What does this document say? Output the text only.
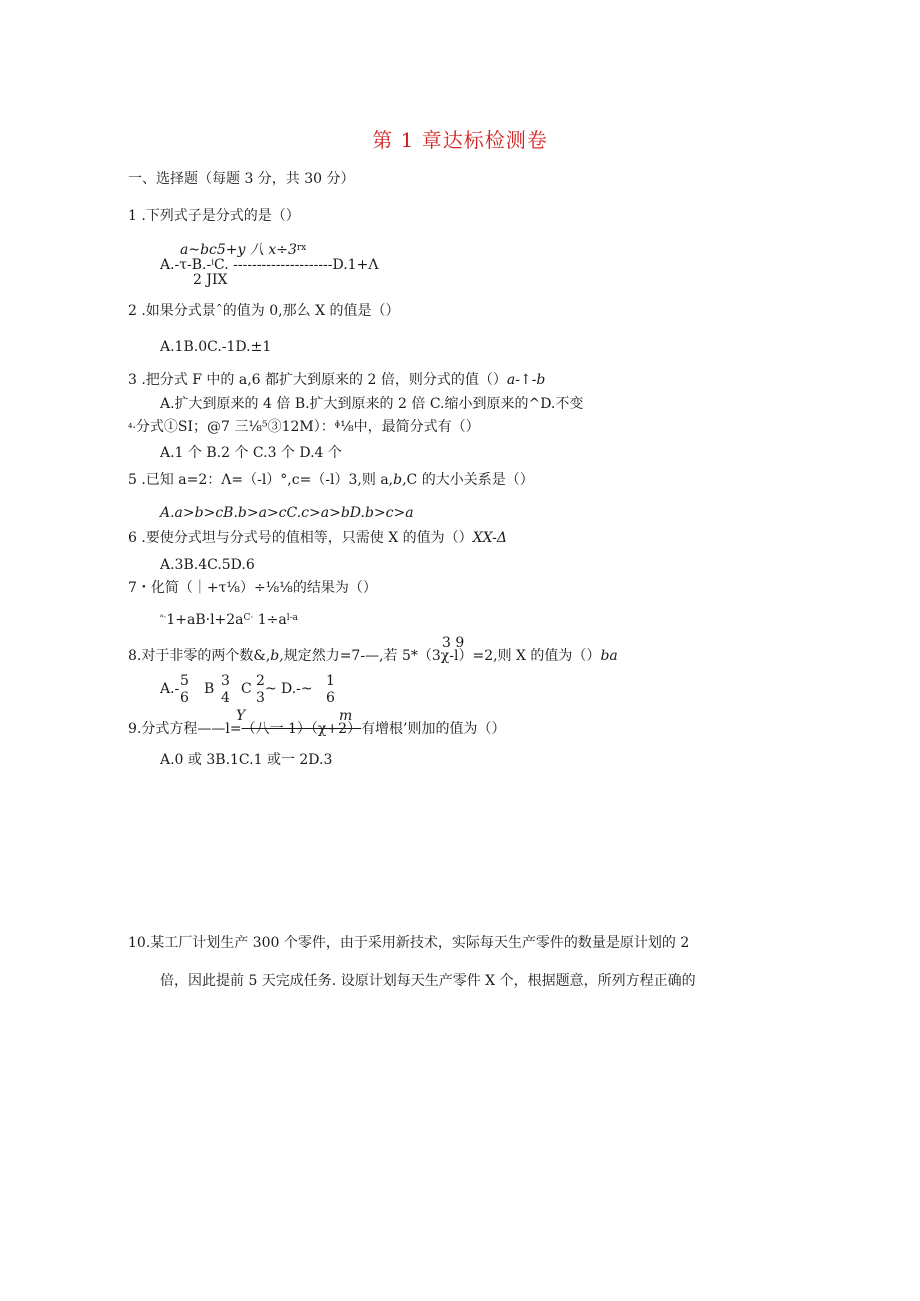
第 1 章达标检测卷
一、选择题（每题 3 分，共 30 分）
1 .下列式子是分式的是（）
a~bc5+y 八 $x\div 3^{rx}$
A.-τ-B.-ⁱC. ---------------------D.1+Λ
2 JIX
2 .如果分式景ˆ的值为 0,那么 X 的值是（）
A.1B.0C.-1D.±1
3 .把分式 F 中的 a,6 都扩大到原来的 2 倍，则分式的值（）a-↑-b
A.扩大到原来的 4 倍 B.扩大到原来的 2 倍 C.缩小到原来的^D.不变
⁴·分式①SI；@7 三⅛⁵③12M）：ᶲ⅛中，最简分式有（）
A.1 个 B.2 个 C.3 个 D.4 个
5 .已知 a=2：Λ=（-l）°,c=（-l）3,则 a,b,C 的大小关系是（）
A.a>b>cB.b>a>cC.c>a>bD.b>c>a
6 .要使分式坦与分式号的值相等，只需使 X 的值为（）XX-Δ
A.3B.4C.5D.6
7・化简（｜+τ⅛）÷⅛⅛的结果为（）
$^{ᵃ\cdot}1+aB\cdot l+2a^{C\cdot}$ $1\div a^{l-a}$
3 9
8.对于非零的两个数&,b,规定然力=7-—,若 5*（3χ-l）=2,则 X 的值为（）ba
5
A.-
6
3
B
4
2
C ~
3
D.-~ 1
6
Y	m
9.分式方程——l=（八一 1）（χ+2）有增根’则加的值为（）
A.0 或 3B.1C.1 或一 2D.3
10.某工厂计划生产 300 个零件，由于采用新技术，实际每天生产零件的数量是原计划的 2
倍，因此提前 5 天完成任务. 设原计划每天生产零件 X 个，根据题意，所列方程正确的
